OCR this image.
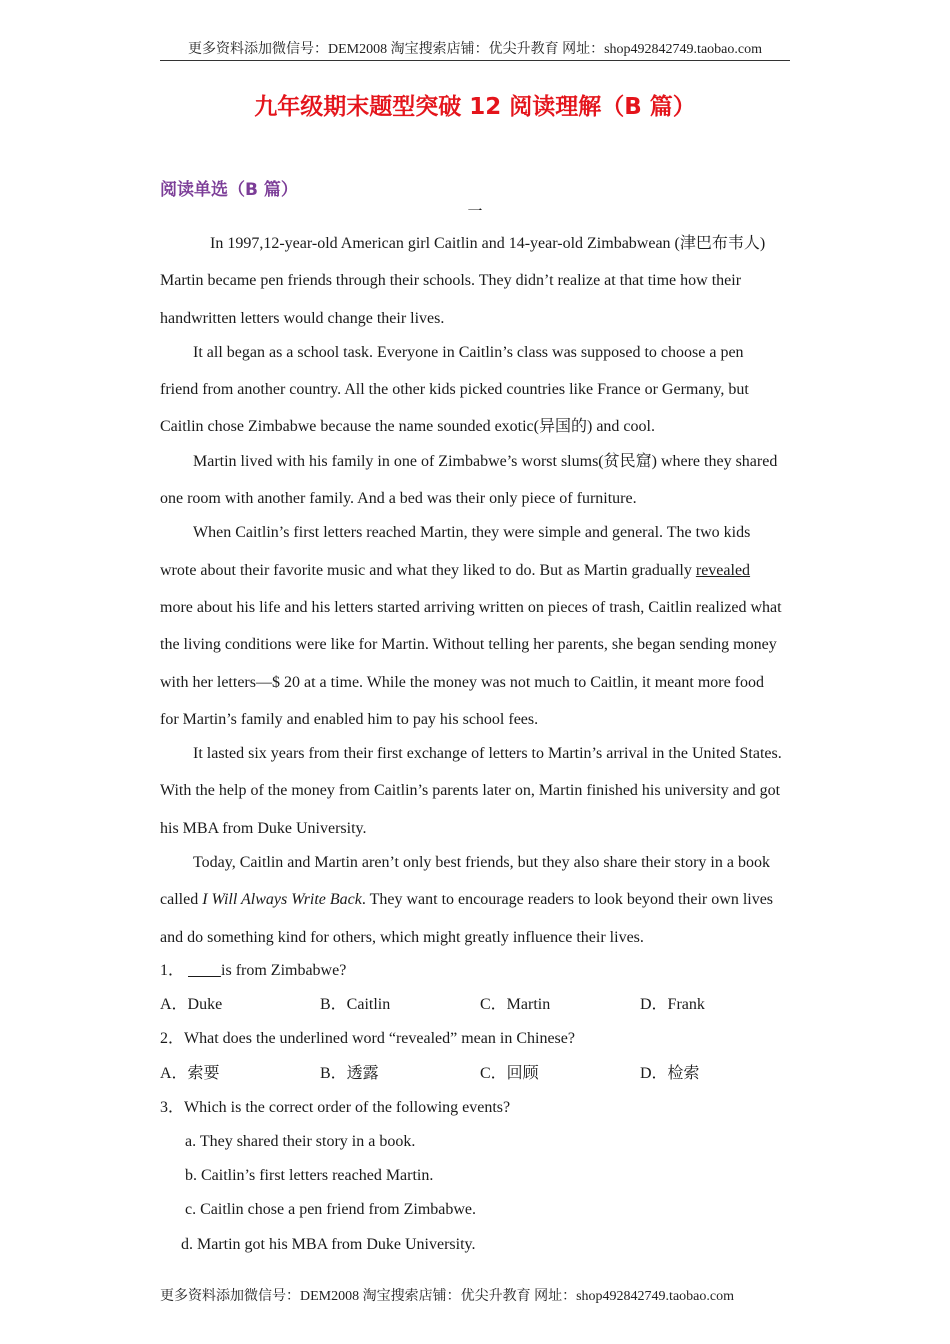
更多资料添加微信号：DEM2008 淘宝搜索店铺：优尖升教育 网址：shop492842749.taobao.com
九年级期末题型突破 12 阅读理解（B 篇）
阅读单选（B 篇）
一

In 1997,12-year-old American girl Caitlin and 14-year-old Zimbabwean (津巴布韦人) Martin became pen friends through their schools. They didn’t realize at that time how their handwritten letters would change their lives.

It all began as a school task. Everyone in Caitlin’s class was supposed to choose a pen friend from another country. All the other kids picked countries like France or Germany, but Caitlin chose Zimbabwe because the name sounded exotic(异国的) and cool.

Martin lived with his family in one of Zimbabwe’s worst slums(贫民窟) where they shared one room with another family. And a bed was their only piece of furniture.

When Caitlin’s first letters reached Martin, they were simple and general. The two kids wrote about their favorite music and what they liked to do. But as Martin gradually revealed more about his life and his letters started arriving written on pieces of trash, Caitlin realized what the living conditions were like for Martin. Without telling her parents, she began sending money with her letters—$ 20 at a time. While the money was not much to Caitlin, it meant more food for Martin’s family and enabled him to pay his school fees.

It lasted six years from their first exchange of letters to Martin’s arrival in the United States. With the help of the money from Caitlin’s parents later on, Martin finished his university and got his MBA from Duke University.

Today, Caitlin and Martin aren’t only best friends, but they also share their story in a book called I Will Always Write Back. They want to encourage readers to look beyond their own lives and do something kind for others, which might greatly influence their lives.

1． is from Zimbabwe?
A．Duke	B．Caitlin	C．Martin	D．Frank
2．What does the underlined word “revealed” mean in Chinese?
A．索要	B．透露	C．回顾	D．检索
3．Which is the correct order of the following events?
a. They shared their story in a book.
b. Caitlin’s first letters reached Martin.
c. Caitlin chose a pen friend from Zimbabwe.
d. Martin got his MBA from Duke University.
更多资料添加微信号：DEM2008 淘宝搜索店铺：优尖升教育 网址：shop492842749.taobao.com
